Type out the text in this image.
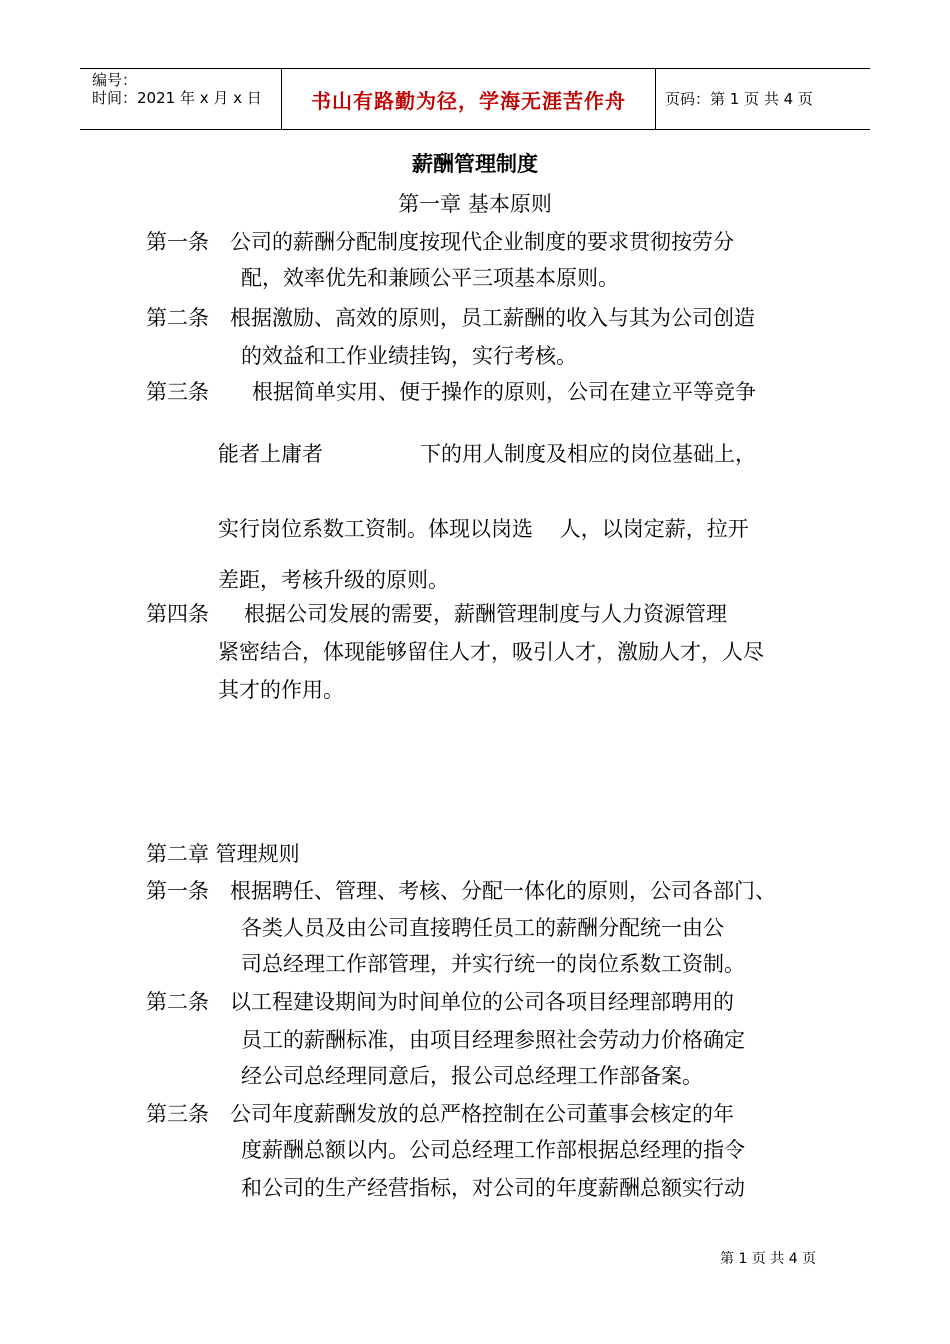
编号：
时间：2021 年 x 月 x 日 书山有路勤为径，学海无涯苦作舟	页码：第 1 页 共 4 页
薪酬管理制度
第一章 基本原则
第一条 公司的薪酬分配制度按现代企业制度的要求贯彻按劳分
配，效率优先和兼顾公平三项基本原则。
第二条 根据激励、高效的原则，员工薪酬的收入与其为公司创造
的效益和工作业绩挂钩，实行考核。
第三条 根据简单实用、便于操作的原则，公司在建立平等竞争
能者上庸者	下的用人制度及相应的岗位基础上，
实行岗位系数工资制。体现以岗选    人，以岗定薪，拉开
差距，考核升级的原则。
第四条 根据公司发展的需要，薪酬管理制度与人力资源管理
紧密结合，体现能够留住人才，吸引人才，激励人才，人尽
其才的作用。
第二章 管理规则
第一条 根据聘任、管理、考核、分配一体化的原则，公司各部门、
各类人员及由公司直接聘任员工的薪酬分配统一由公
司总经理工作部管理，并实行统一的岗位系数工资制。
第二条 以工程建设期间为时间单位的公司各项目经理部聘用的
员工的薪酬标准，由项目经理参照社会劳动力价格确定
经公司总经理同意后，报公司总经理工作部备案。
第三条 公司年度薪酬发放的总严格控制在公司董事会核定的年
度薪酬总额以内。公司总经理工作部根据总经理的指令
和公司的生产经营指标，对公司的年度薪酬总额实行动
第 1 页 共 4 页
